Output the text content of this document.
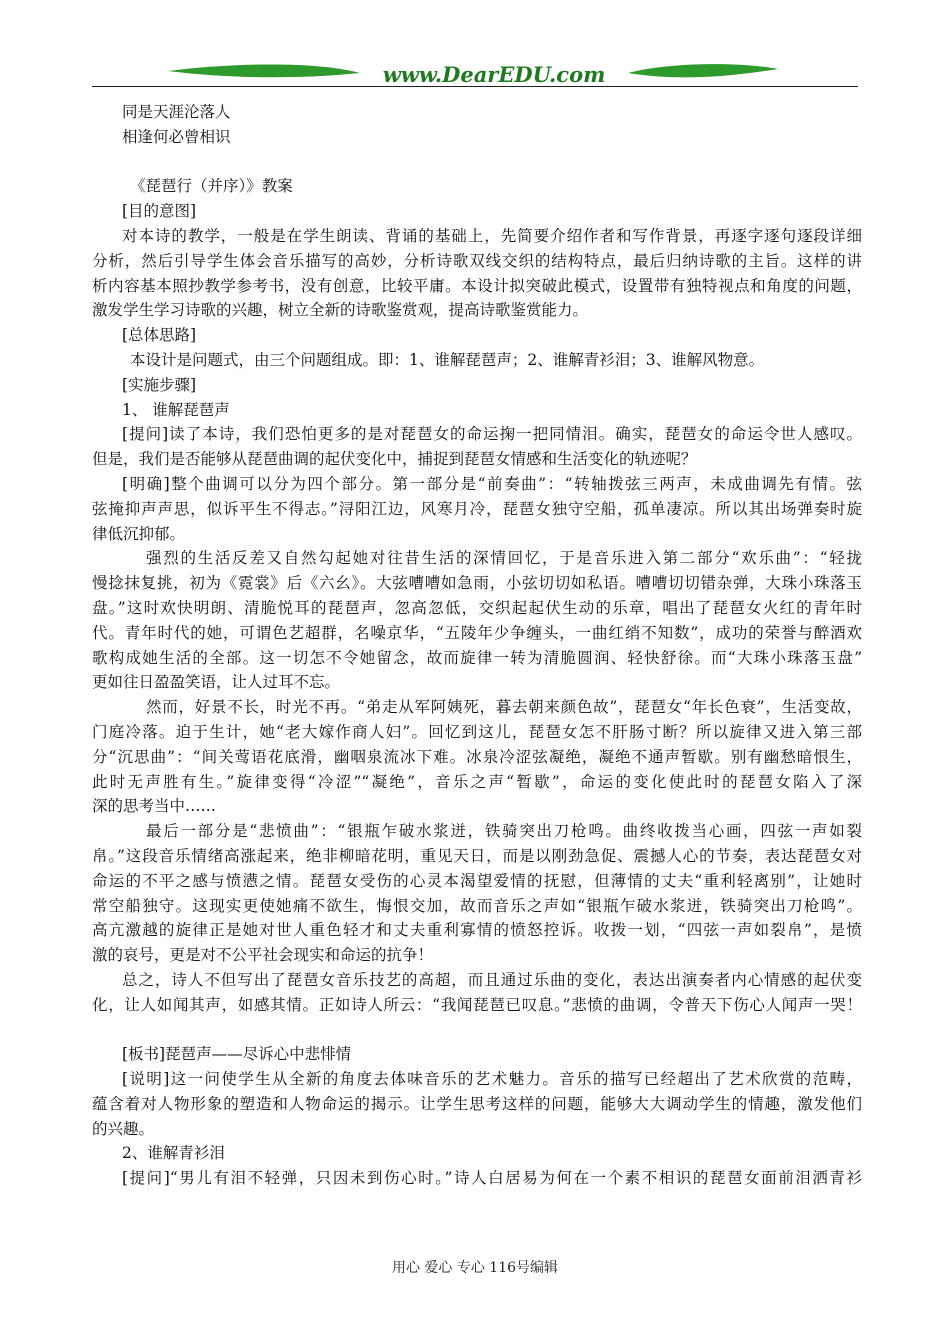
www.DearEDU.com
同是天涯沦落人
相逢何必曾相识
《琵琶行（并序）》教案
[目的意图]
对本诗的教学，一般是在学生朗读、背诵的基础上，先简要介绍作者和写作背景，再逐字逐句逐段详细
分析，然后引导学生体会音乐描写的高妙，分析诗歌双线交织的结构特点，最后归纳诗歌的主旨。这样的讲
析内容基本照抄教学参考书，没有创意，比较平庸。本设计拟突破此模式，设置带有独特视点和角度的问题，
激发学生学习诗歌的兴趣，树立全新的诗歌鉴赏观，提高诗歌鉴赏能力。
[总体思路]
本设计是问题式，由三个问题组成。即：1、谁解琵琶声；2、谁解青衫泪；3、谁解风物意。
[实施步骤]
1、 谁解琵琶声
[提问]读了本诗，我们恐怕更多的是对琵琶女的命运掬一把同情泪。确实，琵琶女的命运令世人感叹。
但是，我们是否能够从琵琶曲调的起伏变化中，捕捉到琵琶女情感和生活变化的轨迹呢？
[明确]整个曲调可以分为四个部分。第一部分是“前奏曲”：“转轴拨弦三两声，未成曲调先有情。弦
弦掩抑声声思，似诉平生不得志。”浔阳江边，风寒月冷，琵琶女独守空船，孤单凄凉。所以其出场弹奏时旋
律低沉抑郁。
强烈的生活反差又自然勾起她对往昔生活的深情回忆，于是音乐进入第二部分“欢乐曲”：“轻拢
慢捻抹复挑，初为《霓裳》后《六幺》。大弦嘈嘈如急雨，小弦切切如私语。嘈嘈切切错杂弹，大珠小珠落玉
盘。”这时欢快明朗、清脆悦耳的琵琶声，忽高忽低，交织起起伏生动的乐章，唱出了琵琶女火红的青年时
代。青年时代的她，可谓色艺超群，名噪京华，“五陵年少争缠头，一曲红绡不知数”，成功的荣誉与醉酒欢
歌构成她生活的全部。这一切怎不令她留念，故而旋律一转为清脆圆润、轻快舒徐。而“大珠小珠落玉盘”
更如往日盈盈笑语，让人过耳不忘。
然而，好景不长，时光不再。“弟走从军阿姨死，暮去朝来颜色故”，琵琶女“年长色衰”，生活变故，
门庭冷落。迫于生计，她“老大嫁作商人妇”。回忆到这儿，琵琶女怎不肝肠寸断？所以旋律又进入第三部
分“沉思曲”：“间关莺语花底滑，幽咽泉流冰下难。冰泉冷涩弦凝绝，凝绝不通声暂歇。别有幽愁暗恨生，
此时无声胜有生。”旋律变得“冷涩”“凝绝”，音乐之声“暂歇”，命运的变化使此时的琵琶女陷入了深
深的思考当中……
最后一部分是“悲愤曲”：“银瓶乍破水浆迸，铁骑突出刀枪鸣。曲终收拨当心画，四弦一声如裂
帛。”这段音乐情绪高涨起来，绝非柳暗花明，重见天日，而是以刚劲急促、震撼人心的节奏，表达琵琶女对
命运的不平之感与愤懑之情。琵琶女受伤的心灵本渴望爱情的抚慰，但薄情的丈夫“重利轻离别”，让她时
常空船独守。这现实更使她痛不欲生，悔恨交加，故而音乐之声如“银瓶乍破水浆迸，铁骑突出刀枪鸣”。
高亢激越的旋律正是她对世人重色轻才和丈夫重利寡情的愤怒控诉。收拨一划，“四弦一声如裂帛”，是愤
激的哀号，更是对不公平社会现实和命运的抗争！
总之，诗人不但写出了琵琶女音乐技艺的高超，而且通过乐曲的变化，表达出演奏者内心情感的起伏变
化，让人如闻其声，如感其情。正如诗人所云：“我闻琵琶已叹息。”悲愤的曲调，令普天下伤心人闻声一哭！
[板书]琵琶声——尽诉心中悲悱情
[说明]这一问使学生从全新的角度去体味音乐的艺术魅力。音乐的描写已经超出了艺术欣赏的范畴，
蕴含着对人物形象的塑造和人物命运的揭示。让学生思考这样的问题，能够大大调动学生的情趣，激发他们
的兴趣。
2、谁解青衫泪
[提问]“男儿有泪不轻弹，只因未到伤心时。”诗人白居易为何在一个素不相识的琵琶女面前泪洒青衫
用心 爱心 专心 116号编辑
